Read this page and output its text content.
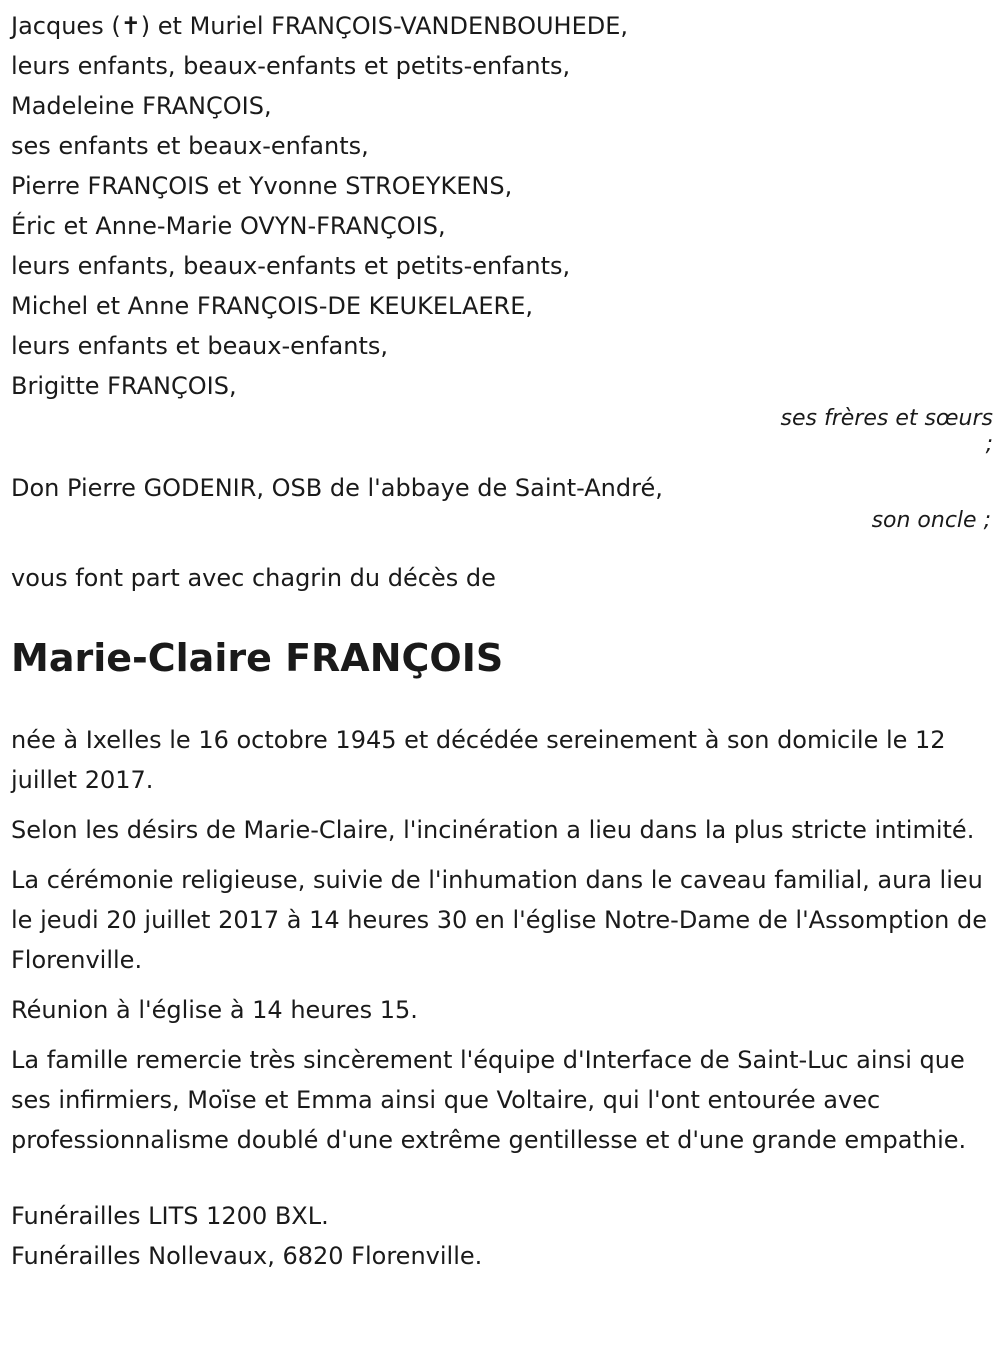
Jacques (✝) et Muriel FRANÇOIS-VANDENBOUHEDE,
leurs enfants, beaux-enfants et petits-enfants,
Madeleine FRANÇOIS,
ses enfants et beaux-enfants,
Pierre FRANÇOIS et Yvonne STROEYKENS,
Éric et Anne-Marie OVYN-FRANÇOIS,
leurs enfants, beaux-enfants et petits-enfants,
Michel et Anne FRANÇOIS-DE KEUKELAERE,
leurs enfants et beaux-enfants,
Brigitte FRANÇOIS,
ses frères et sœurs
;
Don Pierre GODENIR, OSB de l'abbaye de Saint-André,
son oncle ;
vous font part avec chagrin du décès de
Marie-Claire FRANÇOIS

née à Ixelles le 16 octobre 1945 et décédée sereinement à son domicile le 12 juillet 2017.

Selon les désirs de Marie-Claire, l'incinération a lieu dans la plus stricte intimité.

La cérémonie religieuse, suivie de l'inhumation dans le caveau familial, aura lieu le jeudi 20 juillet 2017 à 14 heures 30 en l'église Notre-Dame de l'Assomption de Florenville.

Réunion à l'église à 14 heures 15.

La famille remercie très sincèrement l'équipe d'Interface de Saint-Luc ainsi que ses infirmiers, Moïse et Emma ainsi que Voltaire, qui l'ont entourée avec professionnalisme doublé d'une extrême gentillesse et d'une grande empathie.

Funérailles LITS 1200 BXL.
Funérailles Nollevaux, 6820 Florenville.
